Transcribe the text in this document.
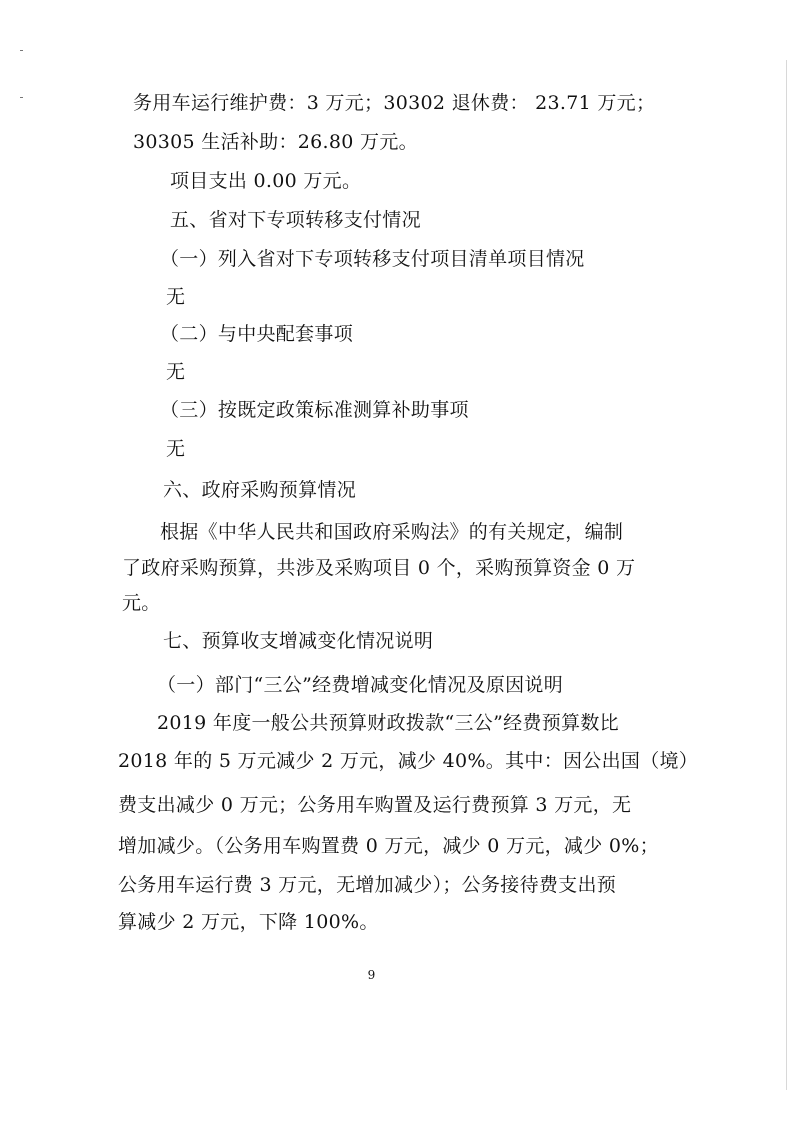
务用车运行维护费：3 万元；30302 退休费： 23.71 万元；
30305 生活补助：26.80 万元。
项目支出 0.00 万元。
五、省对下专项转移支付情况
（一）列入省对下专项转移支付项目清单项目情况
无
（二）与中央配套事项
无
（三）按既定政策标准测算补助事项
无
六、政府采购预算情况
根据《中华人民共和国政府采购法》的有关规定，编制
了政府采购预算，共涉及采购项目 0 个，采购预算资金 0 万
元。
七、预算收支增减变化情况说明
（一）部门“三公”经费增减变化情况及原因说明
2019 年度一般公共预算财政拨款“三公”经费预算数比
2018 年的 5 万元减少 2 万元，减少 40%。其中：因公出国（境）
费支出减少 0 万元；公务用车购置及运行费预算 3 万元，无
增加减少。（公务用车购置费 0 万元，减少 0 万元，减少 0%；
公务用车运行费 3 万元，无增加减少）；公务接待费支出预
算减少 2 万元，下降 100%。
9
